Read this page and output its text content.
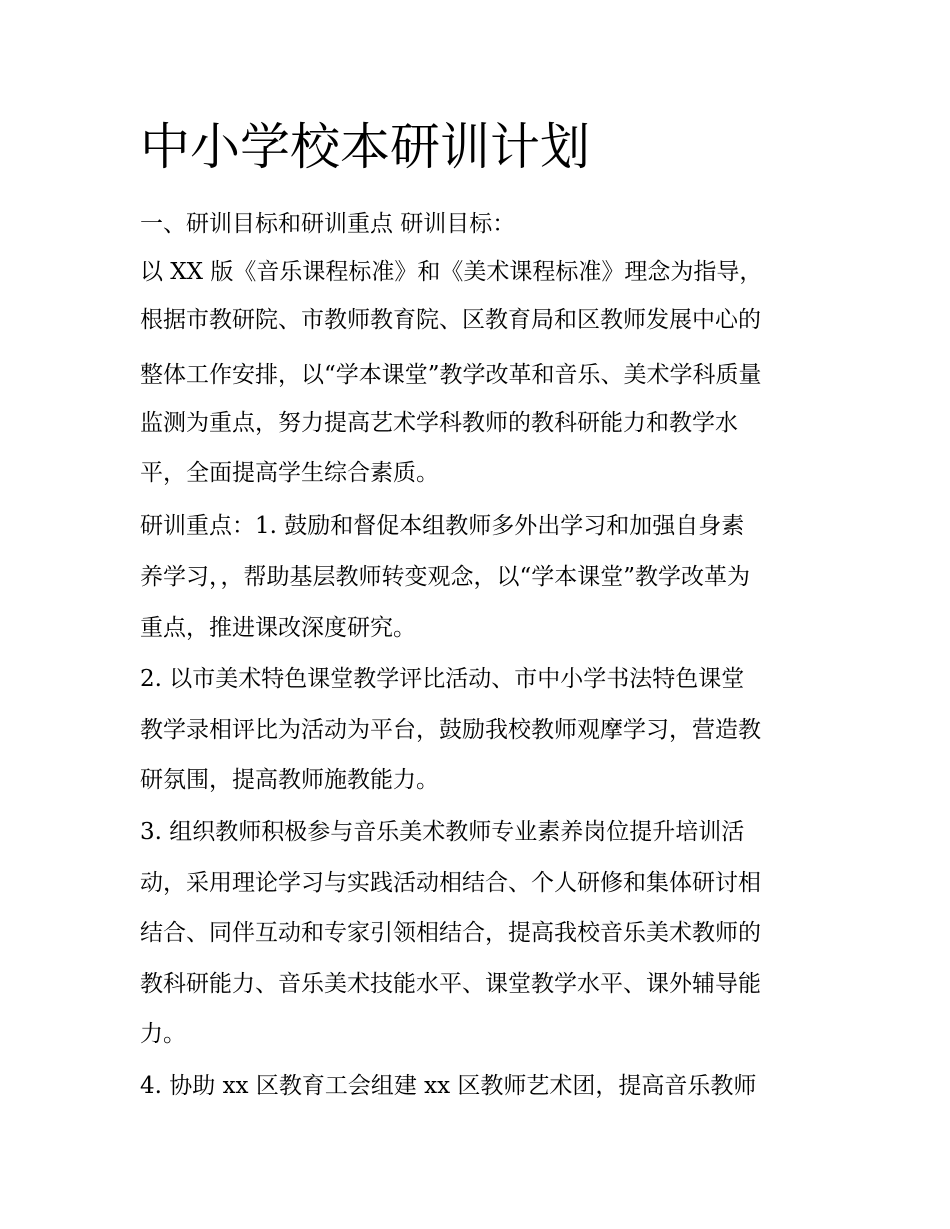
中小学校本研训计划

一、研训目标和研训重点 研训目标：

以 XX 版《音乐课程标准》和《美术课程标准》理念为指导，

根据市教研院、市教师教育院、区教育局和区教师发展中心的

整体工作安排，以“学本课堂”教学改革和音乐、美术学科质量

监测为重点，努力提高艺术学科教师的教科研能力和教学水

平，全面提高学生综合素质。

研训重点：1. 鼓励和督促本组教师多外出学习和加强自身素

养学习，，帮助基层教师转变观念，以“学本课堂”教学改革为

重点，推进课改深度研究。

2. 以市美术特色课堂教学评比活动、市中小学书法特色课堂

教学录相评比为活动为平台，鼓励我校教师观摩学习，营造教

研氛围，提高教师施教能力。

3. 组织教师积极参与音乐美术教师专业素养岗位提升培训活

动，采用理论学习与实践活动相结合、个人研修和集体研讨相

结合、同伴互动和专家引领相结合，提高我校音乐美术教师的

教科研能力、音乐美术技能水平、课堂教学水平、课外辅导能

力。

4. 协助 xx 区教育工会组建 xx 区教师艺术团，提高音乐教师
